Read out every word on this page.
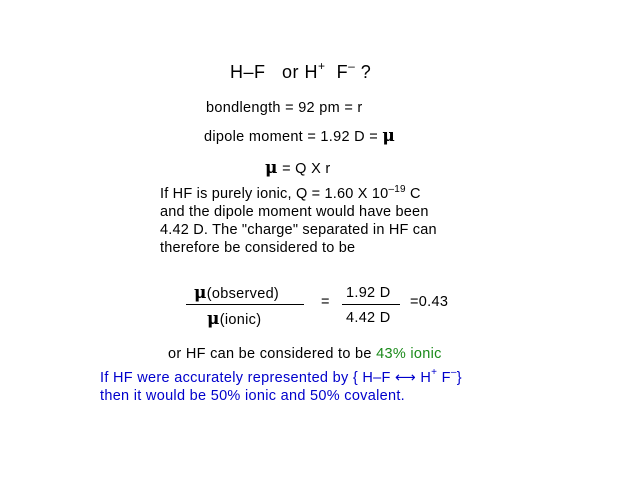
H–F or H+ F– ?
bondlength = 92 pm = r
dipole moment = 1.92 D = μ
μ = Q X r
If HF is purely ionic, Q = 1.60 X $10^{-19}$ C
and the dipole moment would have been
4.42 D. The "charge" separated in HF can
therefore be considered to be
μ(observed)
μ(ionic)
=
1.92 D
4.42 D
=0.43
or HF can be considered to be 43% ionic
If HF were accurately represented by { H–F ⟷ H+ F–}
then it would be 50% ionic and 50% covalent.
